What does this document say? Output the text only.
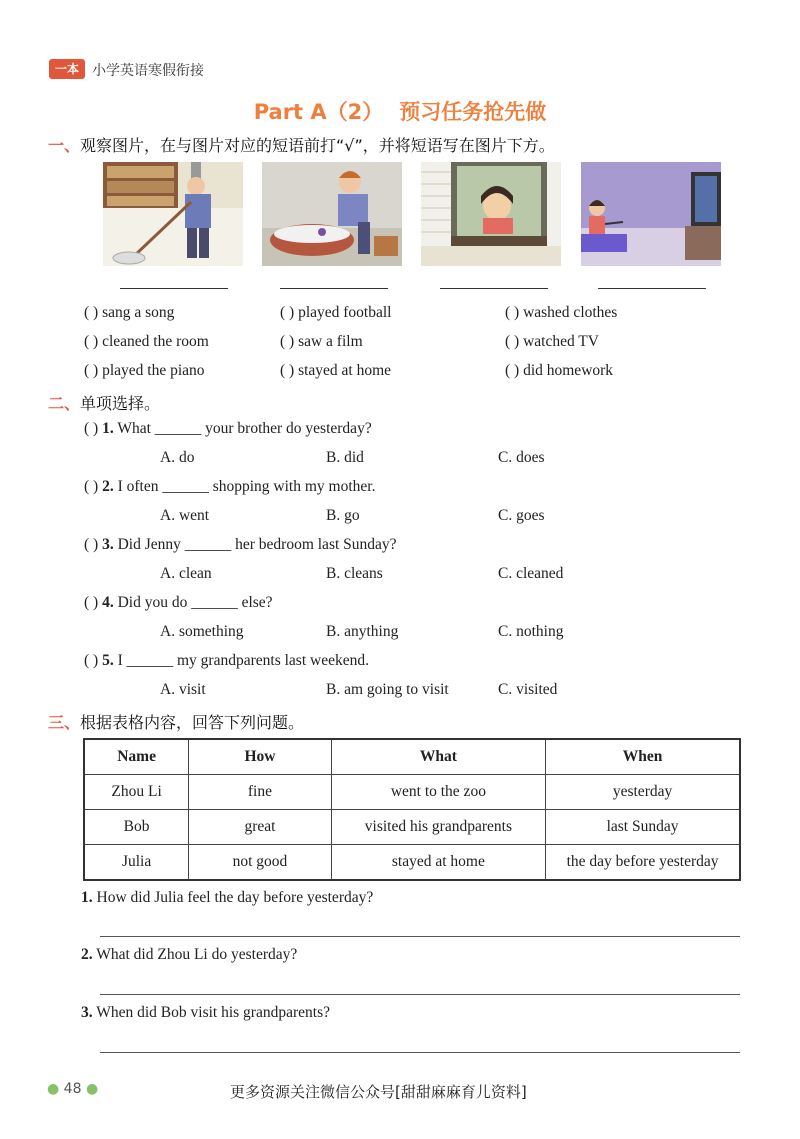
一本 小学英语寒假衔接
Part A（2） 预习任务抢先做
一、观察图片，在与图片对应的短语前打“√”，并将短语写在图片下方。
( ) sang a song	( ) played football	( ) washed clothes
( ) cleaned the room	( ) saw a film	( ) watched TV
( ) played the piano	( ) stayed at home	( ) did homework
二、单项选择。
( ) 1. What ______ your brother do yesterday?
A. do	B. did	C. does
( ) 2. I often ______ shopping with my mother.
A. went	B. go	C. goes
( ) 3. Did Jenny ______ her bedroom last Sunday?
A. clean	B. cleans	C. cleaned
( ) 4. Did you do ______ else?
A. something	B. anything	C. nothing
( ) 5. I ______ my grandparents last weekend.
A. visit	B. am going to visit	C. visited
三、根据表格内容，回答下列问题。
Name	How	What	When
Zhou Li	fine	went to the zoo	yesterday
Bob	great	visited his grandparents	last Sunday
Julia	not good	stayed at home	the day before yesterday
1. How did Julia feel the day before yesterday?
2. What did Zhou Li do yesterday?
3. When did Bob visit his grandparents?
● 48 ●	更多资源关注微信公众号[甜甜麻麻育儿资料]
